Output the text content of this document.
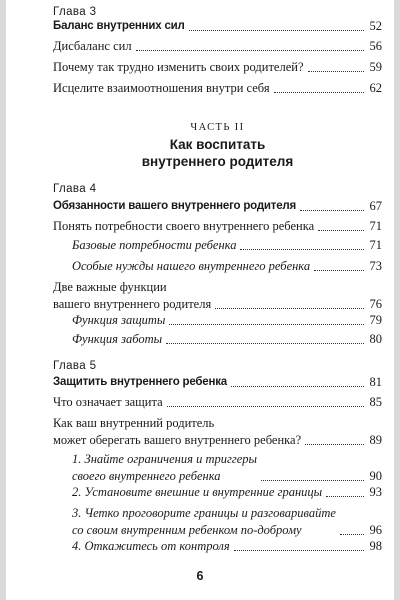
Глава 3
Баланс внутренних сил	52
Дисбаланс сил	56
Почему так трудно изменить своих родителей?	59
Исцелите взаимоотношения внутри себя	62
ЧАСТЬ II
Как воспитать
внутреннего родителя
Глава 4
Обязанности вашего внутреннего родителя	67
Понять потребности своего внутреннего ребенка	71
Базовые потребности ребенка	71
Особые нужды нашего внутреннего ребенка	73
Две важные функции
вашего внутреннего родителя	76
Функция защиты	79
Функция заботы	80
Глава 5
Защитить внутреннего ребенка	81
Что означает защита	85
Как ваш внутренний родитель
может оберегать вашего внутреннего ребенка?	89
1. Знайте ограничения и триггеры
своего внутреннего ребенка	90
2. Установите внешние и внутренние границы	93
3. Четко проговорите границы и разговаривайте
со своим внутренним ребенком по-доброму	96
4. Откажитесь от контроля	98
6
